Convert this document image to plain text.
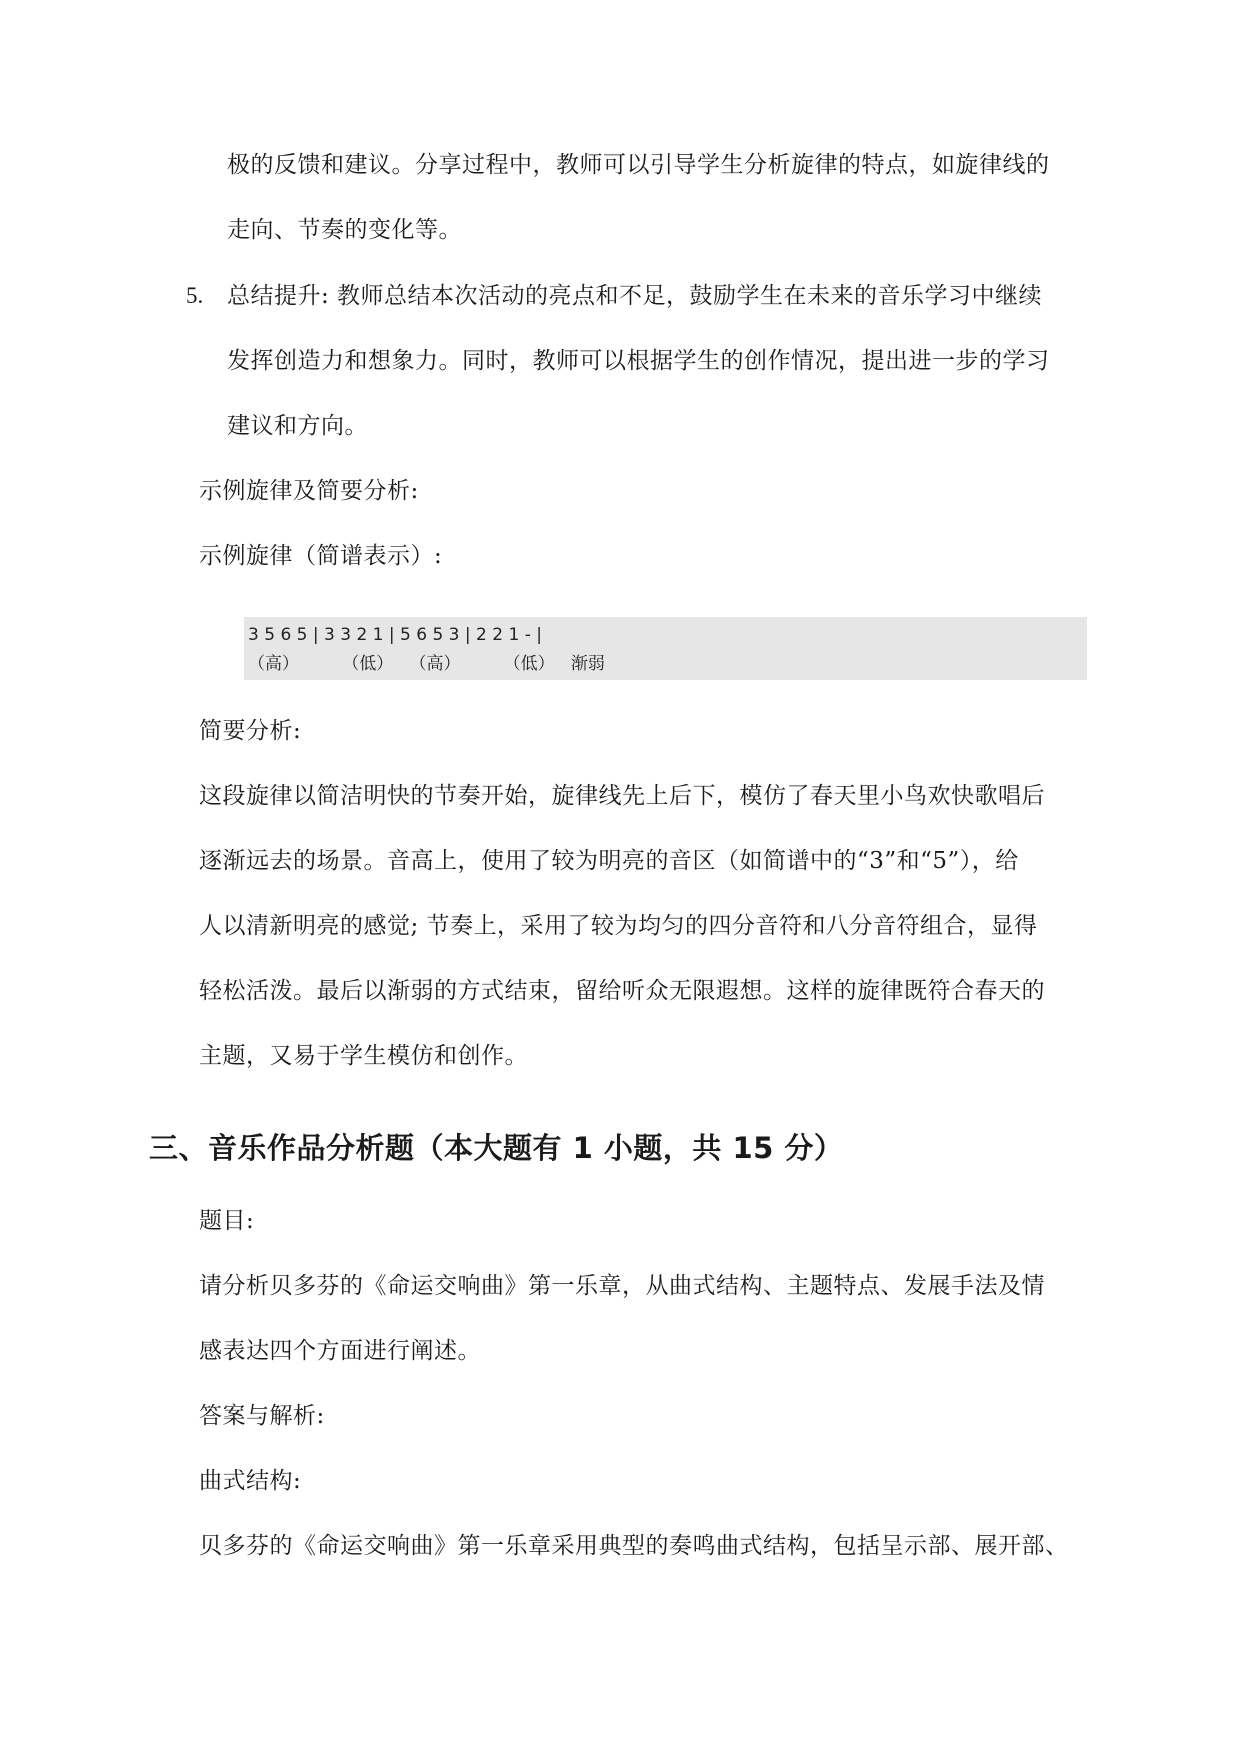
极的反馈和建议。分享过程中，教师可以引导学生分析旋律的特点，如旋律线的
走向、节奏的变化等。
5. 总结提升: 教师总结本次活动的亮点和不足，鼓励学生在未来的音乐学习中继续
发挥创造力和想象力。同时，教师可以根据学生的创作情况，提出进一步的学习
建议和方向。
示例旋律及简要分析:
示例旋律（简谱表示）:
3 5 6 5 | 3 3 2 1 | 5 6 5 3 | 2 2 1 - |
（高）        （低）   （高）        （低）   渐弱
简要分析:
这段旋律以简洁明快的节奏开始，旋律线先上后下，模仿了春天里小鸟欢快歌唱后
逐渐远去的场景。音高上，使用了较为明亮的音区（如简谱中的“3”和“5”），给
人以清新明亮的感觉; 节奏上，采用了较为均匀的四分音符和八分音符组合，显得
轻松活泼。最后以渐弱的方式结束，留给听众无限遐想。这样的旋律既符合春天的
主题，又易于学生模仿和创作。
三、音乐作品分析题（本大题有 1 小题，共 15 分）
题目:
请分析贝多芬的《命运交响曲》第一乐章，从曲式结构、主题特点、发展手法及情
感表达四个方面进行阐述。
答案与解析:
曲式结构:
贝多芬的《命运交响曲》第一乐章采用典型的奏鸣曲式结构，包括呈示部、展开部、
